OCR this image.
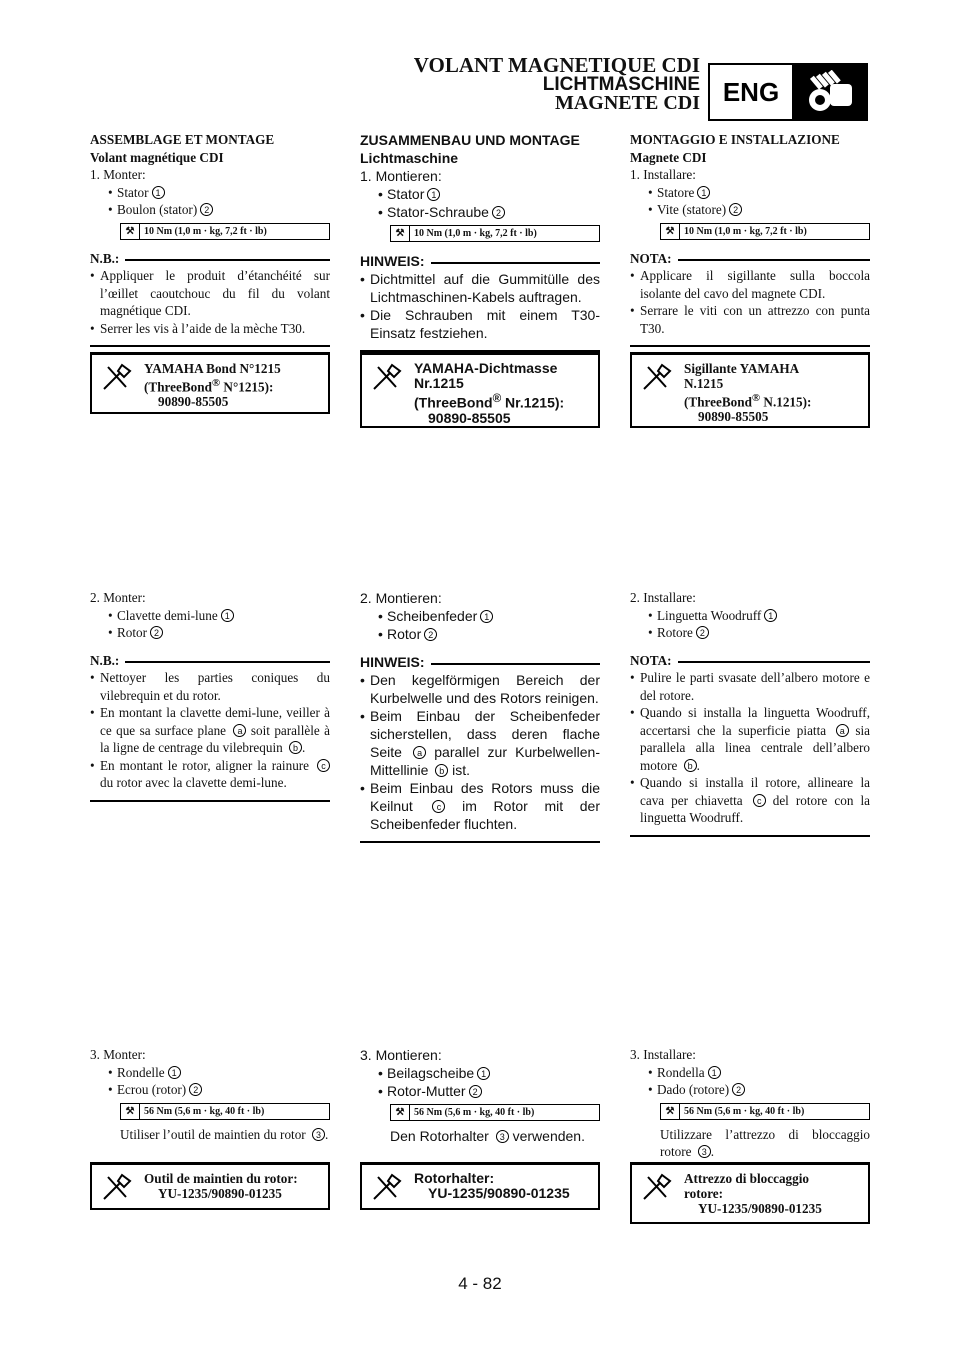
VOLANT MAGNETIQUE CDI
LICHTMASCHINE
MAGNETE CDI ENG
ASSEMBLAGE ET MONTAGE
Volant magnétique CDI
1. Monter:
• Stator 1
• Boulon (stator) 2
⚒ 10 Nm (1,0 m · kg, 7,2 ft · lb)
N.B.:
• Appliquer le produit d’étanchéité sur l’œillet caoutchouc du fil du volant magnétique CDI.
• Serrer les vis à l’aide de la mèche T30.
YAMAHA Bond N°1215
(ThreeBond® N°1215):
90890-85505
2. Monter:
• Clavette demi-lune 1
• Rotor 2
N.B.:
• Nettoyer les parties coniques du vilebrequin et du rotor.
• En montant la clavette demi-lune, veiller à ce que sa surface plane a soit parallèle à la ligne de centrage du vilebrequin b .
• En montant le rotor, aligner la rainure c du rotor avec la clavette demi-lune.
3. Monter:
• Rondelle 1
• Ecrou (rotor) 2
⚒ 56 Nm (5,6 m · kg, 40 ft · lb)
Utiliser l’outil de maintien du rotor 3 .
Outil de maintien du rotor:
YU-1235/90890-01235
ZUSAMMENBAU UND MONTAGE
Lichtmaschine
1. Montieren:
• Stator 1
• Stator-Schraube 2
⚒ 10 Nm (1,0 m · kg, 7,2 ft · lb)
HINWEIS:
• Dichtmittel auf die Gummitülle des Lichtmaschinen-Kabels auftragen.
• Die Schrauben mit einem T30-Einsatz festziehen.
YAMAHA-Dichtmasse
Nr.1215
(ThreeBond® Nr.1215):
90890-85505
2. Montieren:
• Scheibenfeder 1
• Rotor 2
HINWEIS:
• Den kegelförmigen Bereich der Kurbelwelle und des Rotors reinigen.
• Beim Einbau der Scheibenfeder sicherstellen, dass deren flache Seite a parallel zur Kurbelwellen-Mittellinie b ist.
• Beim Einbau des Rotors muss die Keilnut c im Rotor mit der Scheibenfeder fluchten.
3. Montieren:
• Beilagscheibe 1
• Rotor-Mutter 2
⚒ 56 Nm (5,6 m · kg, 40 ft · lb)
Den Rotorhalter 3 verwenden.
Rotorhalter:
YU-1235/90890-01235
MONTAGGIO E INSTALLAZIONE
Magnete CDI
1. Installare:
• Statore 1
• Vite (statore) 2
⚒ 10 Nm (1,0 m · kg, 7,2 ft · lb)
NOTA:
• Applicare il sigillante sulla boccola isolante del cavo del magnete CDI.
• Serrare le viti con un attrezzo con punta T30.
Sigillante YAMAHA
N.1215
(ThreeBond® N.1215):
90890-85505
2. Installare:
• Linguetta Woodruff 1
• Rotore 2
NOTA:
• Pulire le parti svasate dell’albero motore e del rotore.
• Quando si installa la linguetta Woodruff, accertarsi che la superficie piatta a sia parallela alla linea centrale dell’albero motore b .
• Quando si installa il rotore, allineare la cava per chiavetta c del rotore con la linguetta Woodruff.
3. Installare:
• Rondella 1
• Dado (rotore) 2
⚒ 56 Nm (5,6 m · kg, 40 ft · lb)
Utilizzare l’attrezzo di bloccaggio rotore 3 .
Attrezzo di bloccaggio
rotore:
YU-1235/90890-01235
4 - 82
